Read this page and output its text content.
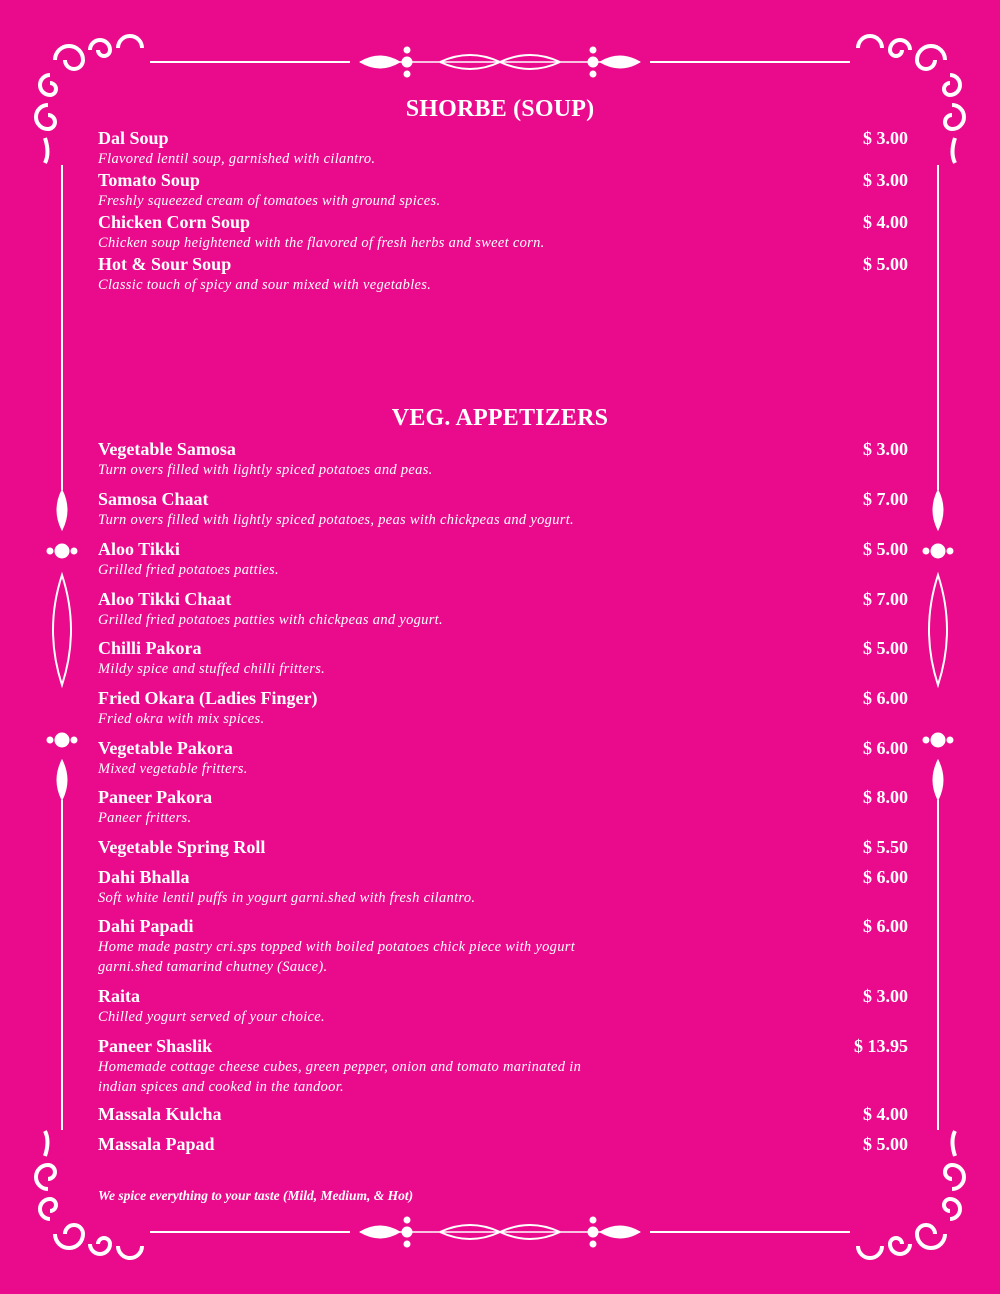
SHORBE (SOUP)
Dal Soup	$ 3.00
Flavored lentil soup, garnished with cilantro.
Tomato Soup	$ 3.00
Freshly squeezed cream of tomatoes with ground spices.
Chicken Corn Soup	$ 4.00
Chicken soup heightened with the flavored of fresh herbs and sweet corn.
Hot & Sour Soup	$ 5.00
Classic touch of spicy and sour mixed with vegetables.
VEG. APPETIZERS
Vegetable Samosa	$ 3.00
Turn overs filled with lightly spiced potatoes and peas.
Samosa Chaat	$ 7.00
Turn overs filled with lightly spiced potatoes, peas with chickpeas and yogurt.
Aloo Tikki	$ 5.00
Grilled fried potatoes patties.
Aloo Tikki Chaat	$ 7.00
Grilled fried potatoes patties with chickpeas and yogurt.
Chilli Pakora	$ 5.00
Mildy spice and stuffed chilli fritters.
Fried Okara (Ladies Finger)	$ 6.00
Fried okra with mix spices.
Vegetable Pakora	$ 6.00
Mixed vegetable fritters.
Paneer Pakora	$ 8.00
Paneer fritters.
Vegetable Spring Roll	$ 5.50
Dahi Bhalla	$ 6.00
Soft white lentil puffs in yogurt garni.shed with fresh cilantro.
Dahi Papadi	$ 6.00
Home made pastry cri.sps topped with boiled potatoes chick piece with yogurt garni.shed tamarind chutney (Sauce).
Raita	$ 3.00
Chilled yogurt served of your choice.
Paneer Shaslik	$ 13.95
Homemade cottage cheese cubes, green pepper, onion and tomato marinated in indian spices and cooked in the tandoor.
Massala Kulcha	$ 4.00
Massala Papad	$ 5.00
We spice everything to your taste (Mild, Medium, & Hot)
